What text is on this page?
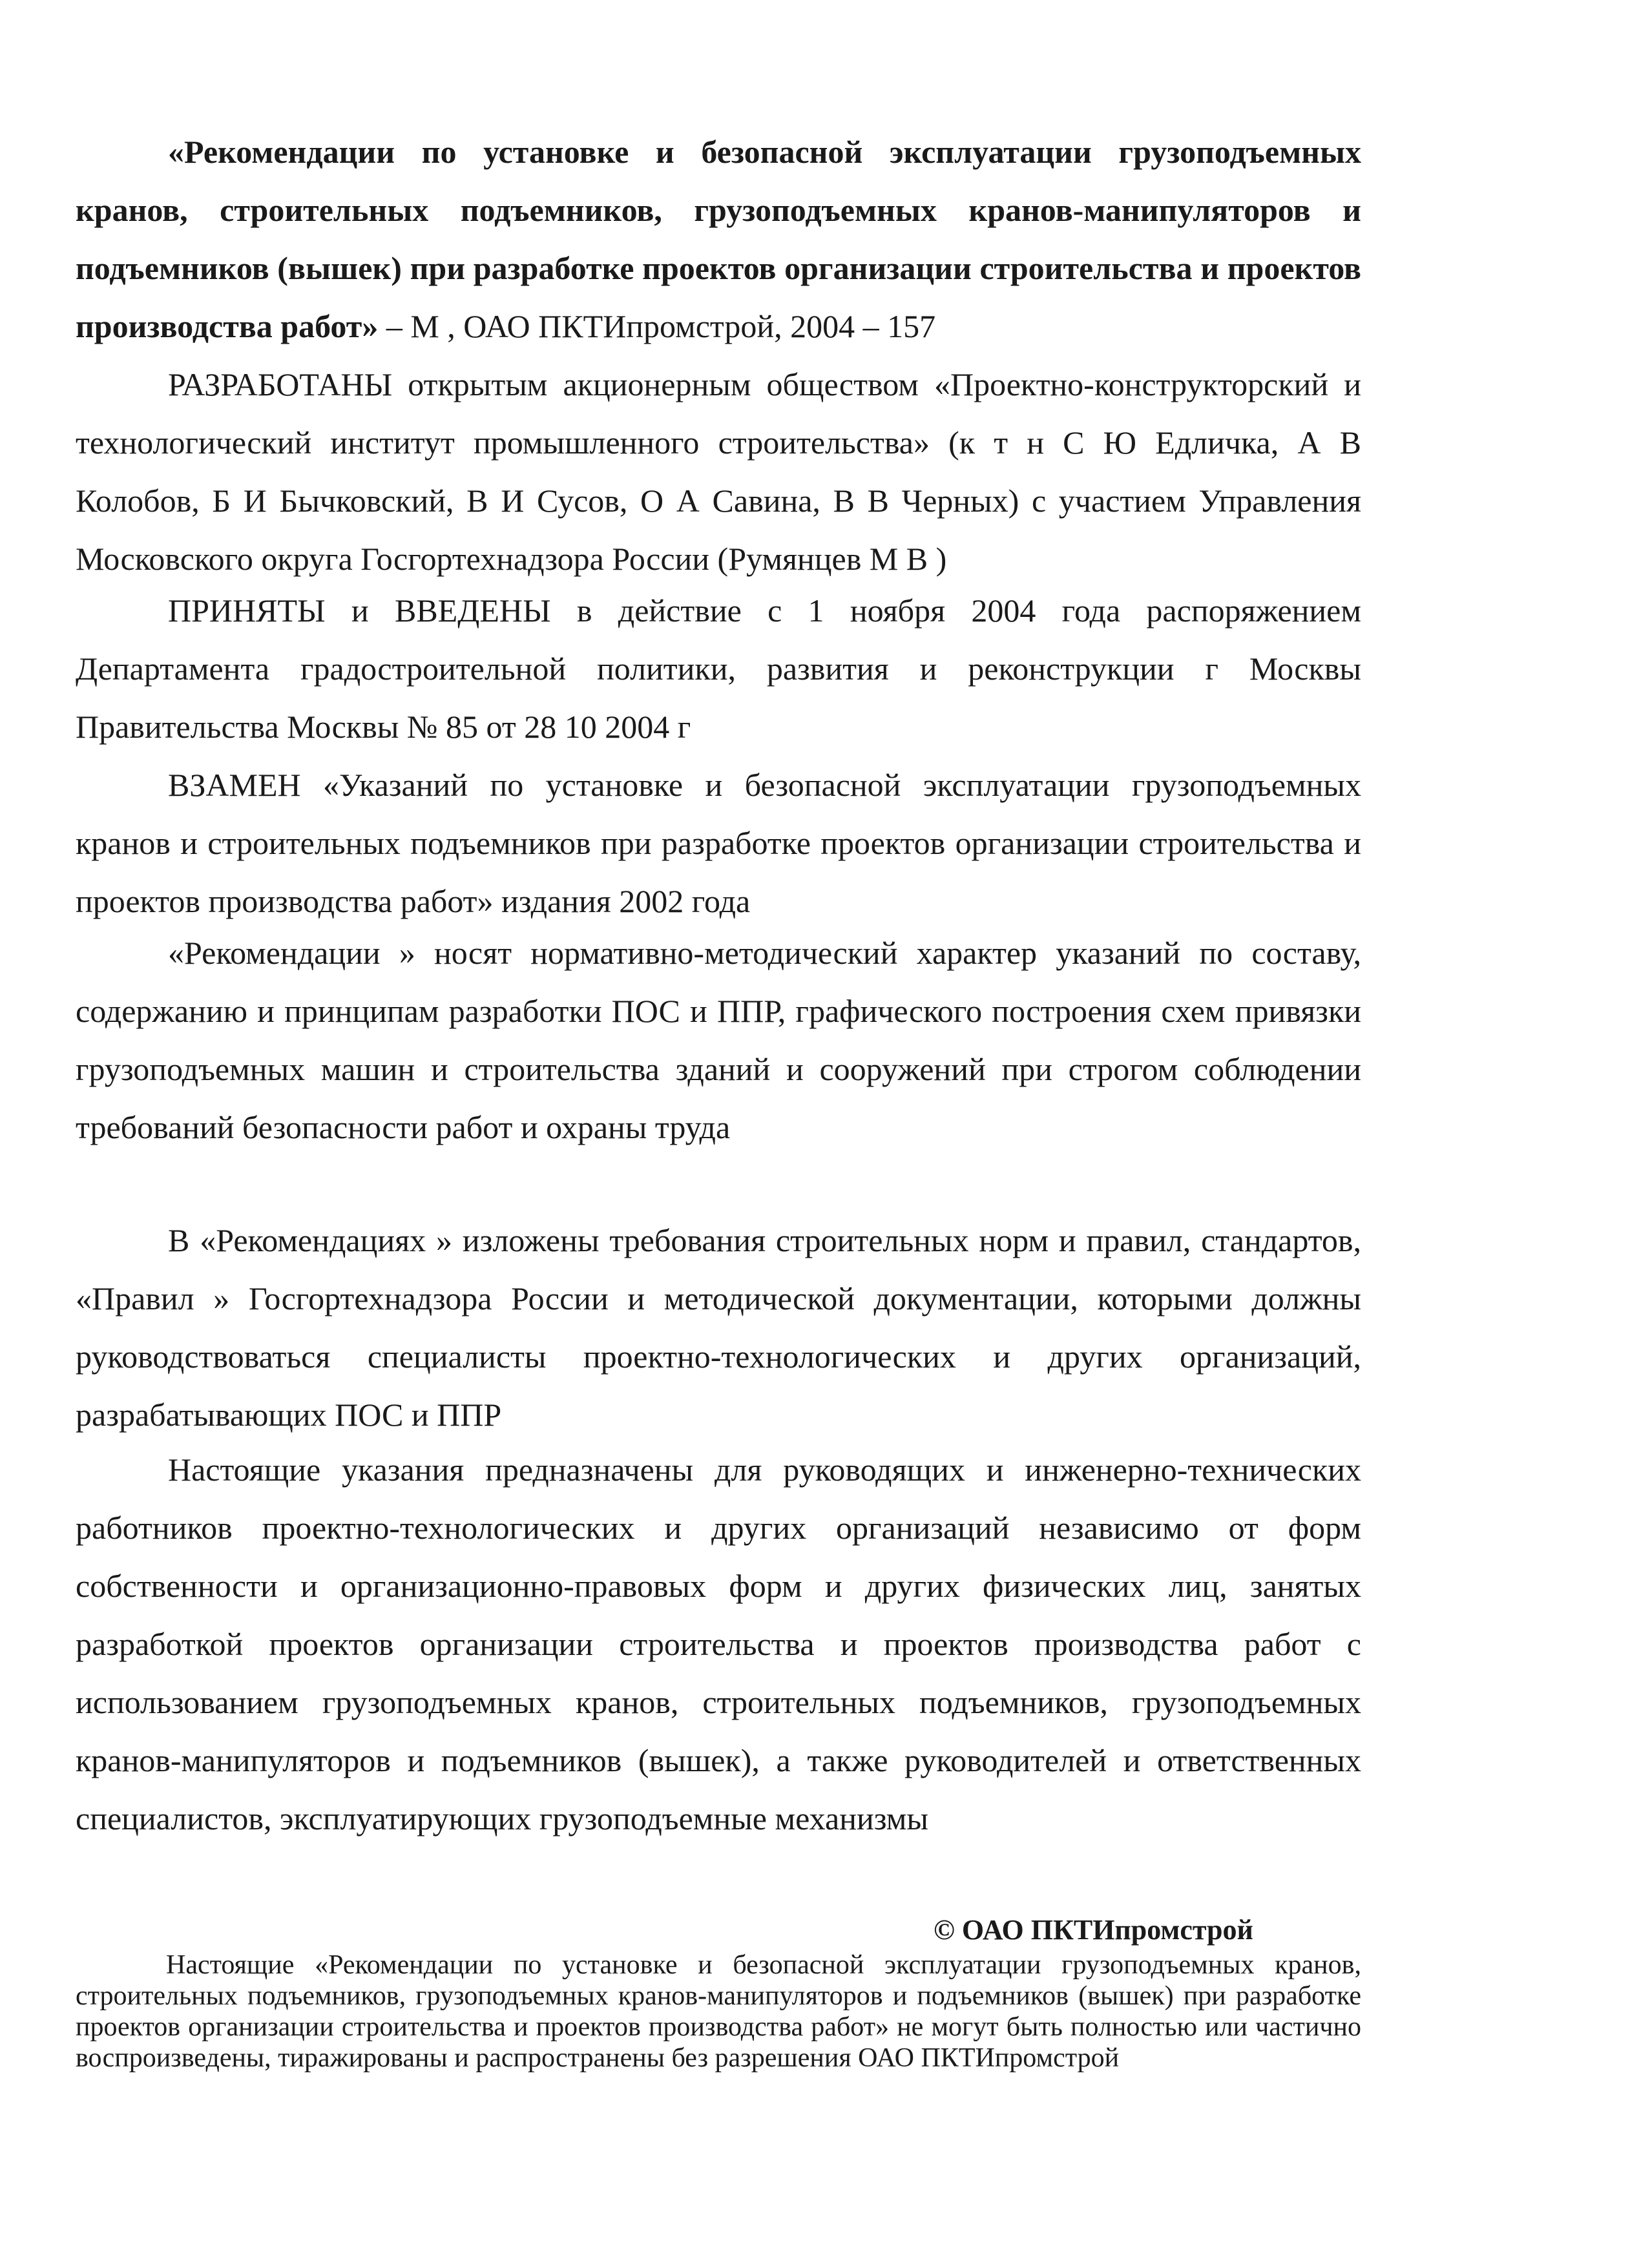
«Рекомендации по установке и безопасной эксплуатации грузоподъемных кранов, строительных подъемников, грузоподъемных кранов-манипуляторов и подъемников (вышек) при разработке проектов организации строительства и проектов производства работ» – М , ОАО ПКТИпромстрой, 2004 – 157

РАЗРАБОТАНЫ открытым акционерным обществом «Проектно-конструкторский и технологический институт промышленного строительства» (к т н С Ю Едличка, А В Колобов, Б И Бычковский, В И Сусов, О А Савина, В В Черных) с участием Управления Московского округа Госгортехнадзора России (Румянцев М В )

ПРИНЯТЫ и ВВЕДЕНЫ в действие с 1 ноября 2004 года распоряжением Департамента градостроительной политики, развития и реконструкции г Москвы Правительства Москвы № 85 от 28 10 2004 г

ВЗАМЕН «Указаний по установке и безопасной эксплуатации грузоподъемных кранов и строительных подъемников при разработке проектов организации строительства и проектов производства работ» издания 2002 года

«Рекомендации » носят нормативно-методический характер указаний по составу, содержанию и принципам разработки ПОС и ППР, графического построения схем привязки грузоподъемных машин и строительства зданий и сооружений при строгом соблюдении требований безопасности работ и охраны труда

В «Рекомендациях » изложены требования строительных норм и правил, стандартов, «Правил » Госгортехнадзора России и методической документации, которыми должны руководствоваться специалисты проектно-технологических и других организаций, разрабатывающих ПОС и ППР

Настоящие указания предназначены для руководящих и инженерно-технических работников проектно-технологических и других организаций независимо от форм собственности и организационно-правовых форм и других физических лиц, занятых разработкой проектов организации строительства и проектов производства работ с использованием грузоподъемных кранов, строительных подъемников, грузоподъемных кранов-манипуляторов и подъемников (вышек), а также руководителей и ответственных специалистов, эксплуатирующих грузоподъемные механизмы

© ОАО ПКТИпромстрой

Настоящие «Рекомендации по установке и безопасной эксплуатации грузоподъемных кранов, строительных подъемников, грузоподъемных кранов-манипуляторов и подъемников (вышек) при разработке проектов организации строительства и проектов производства работ» не могут быть полностью или частично воспроизведены, тиражированы и распространены без разрешения ОАО ПКТИпромстрой
